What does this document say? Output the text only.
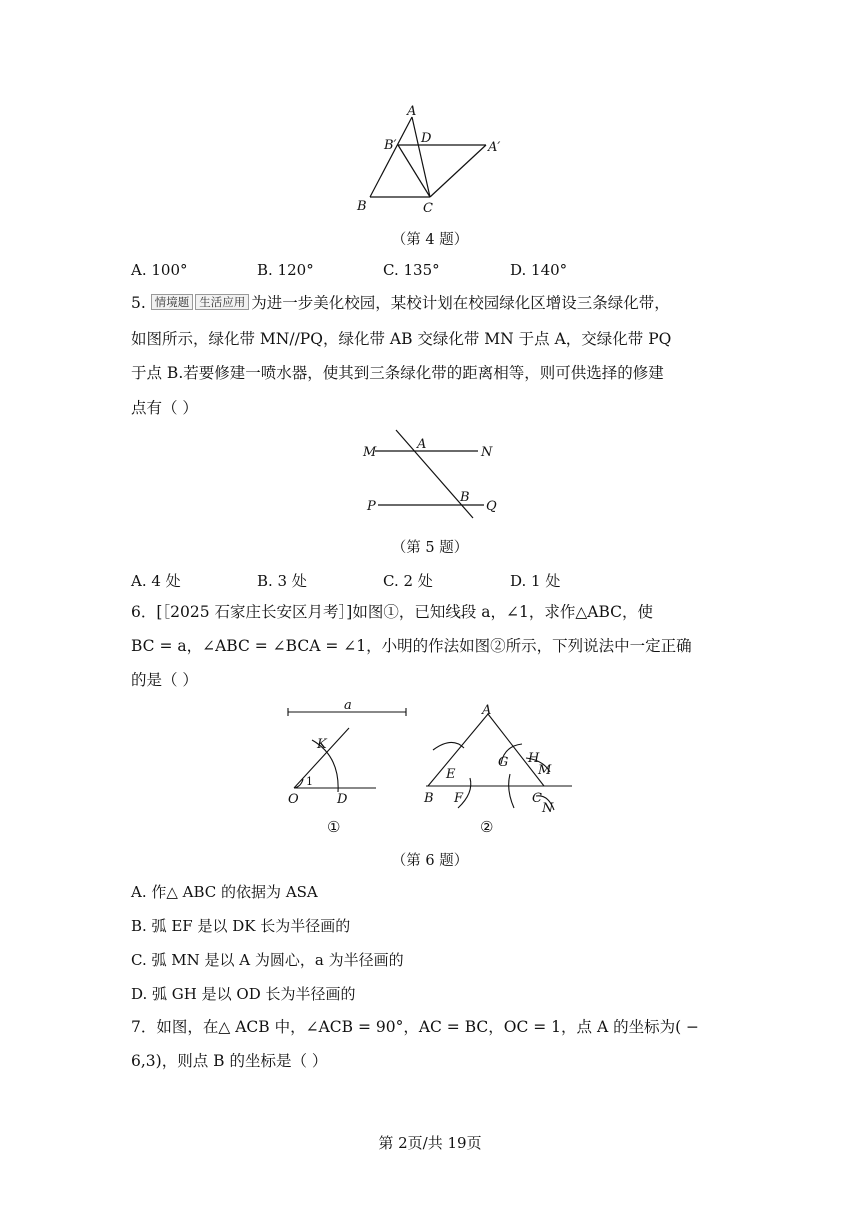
A
B′ D
A′
B	C
（第 4 题）
A. 100°	B. 120°	C. 135°	D. 140°
5. 情境题 生活应用 为进一步美化校园，某校计划在校园绿化区增设三条绿化带，
如图所示，绿化带 MN//PQ，绿化带 AB 交绿化带 MN 于点 A，交绿化带 PQ
于点 B.若要修建一喷水器，使其到三条绿化带的距离相等，则可供选择的修建
点有（ ）
M
A
N
P
B
Q
（第 5 题）
A. 4 处	B. 3 处	C. 2 处	D. 1 处
6．[［2025 石家庄长安区月考］]如图①，已知线段 a，∠1，求作△ABC，使
BC = a，∠ABC = ∠BCA = ∠1，小明的作法如图②所示，下列说法中一定正确
的是（ ）
a
K
1
O	D
①
A
E
G H
M
B F	C
N
②
（第 6 题）
A. 作△ ABC 的依据为 ASA
B. 弧 EF 是以 DK 长为半径画的
C. 弧 MN 是以 A 为圆心，a 为半径画的
D. 弧 GH 是以 OD 长为半径画的
7．如图，在△ ACB 中，∠ACB = 90°，AC = BC，OC = 1，点 A 的坐标为( −
6,3)，则点 B 的坐标是（ ）
第 2页/共 19页
